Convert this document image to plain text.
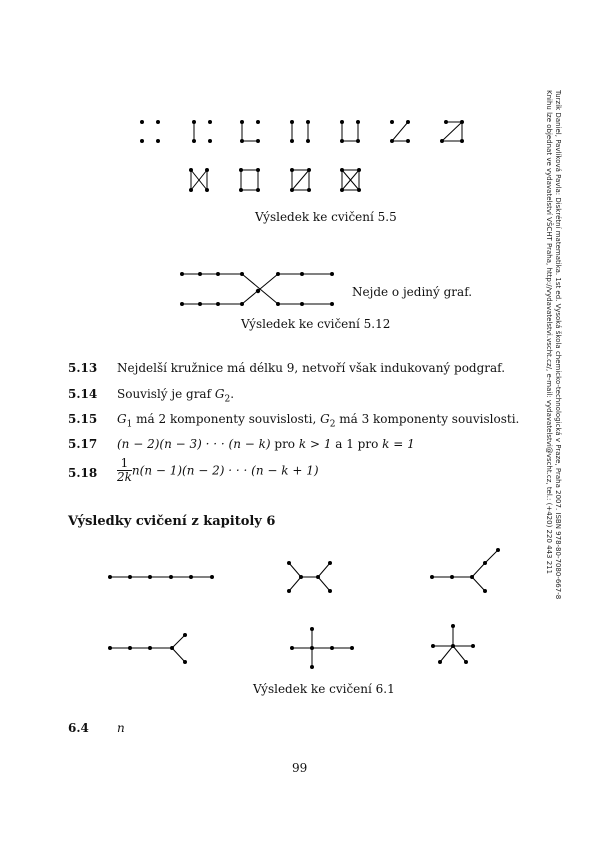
Výsledek ke cvičení 5.5
Nejde o jediný graf.
Výsledek ke cvičení 5.12
5.13 Nejdelší kružnice má délku 9, netvoří však indukovaný podgraf.
5.14 Souvislý je graf $G_2$.
5.15 $G_1$ má 2 komponenty souvislosti, $G_2$ má 3 komponenty souvislosti.
5.17 (n − 2)(n − 3) · · · (n − k) pro k > 1 a 1 pro k = 1
$5.18 \frac{1}{2k} n(n - 1)(n - 2)$ · · · (n − k + 1)
Výsledky cvičení z kapitoly 6
Výsledek ke cvičení 6.1
6.4 n
99
Turzík Daniel, Pavlíková Pavla: Diskrétní matematika. 1st ed. Vysoká škola chemicko-technologická v Praze, Praha 2007. ISBN 978-80-7080-667-8
Knihu lze objednat ve vydavatelství VŠCHT Praha, http://vydavatelstvi.vscht.cz/, e-mail: vydavatelstvi@vscht.cz, tel.: (+420) 220 443 211
